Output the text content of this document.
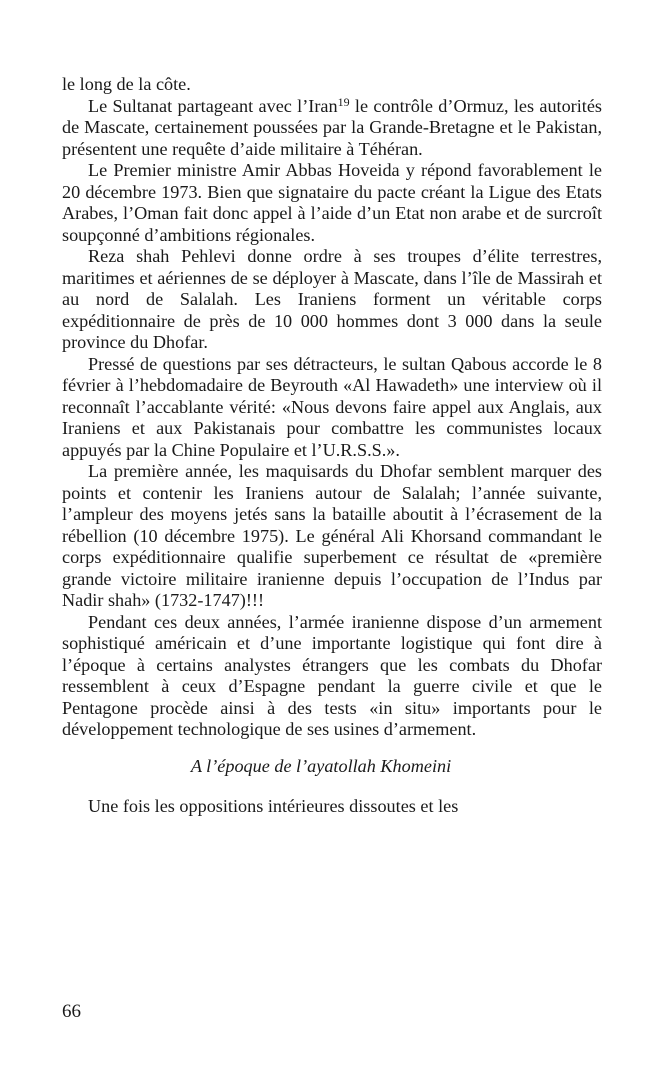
le long de la côte.

Le Sultanat partageant avec l’Iran$^{19}$ le contrôle d’Ormuz, les autorités de Mascate, certainement poussées par la Grande-Bretagne et le Pakistan, présentent une requête d’aide militaire à Téhéran.

Le Premier ministre Amir Abbas Hoveida y répond favorablement le 20 décembre 1973. Bien que signataire du pacte créant la Ligue des Etats Arabes, l’Oman fait donc appel à l’aide d’un Etat non arabe et de surcroît soupçonné d’ambitions régionales.

Reza shah Pehlevi donne ordre à ses troupes d’élite terrestres, maritimes et aériennes de se déployer à Mascate, dans l’île de Massirah et au nord de Salalah. Les Iraniens forment un véritable corps expéditionnaire de près de 10 000 hommes dont 3 000 dans la seule province du Dhofar.

Pressé de questions par ses détracteurs, le sultan Qabous accorde le 8 février à l’hebdomadaire de Beyrouth «Al Hawadeth» une interview où il reconnaît l’accablante vérité: «Nous devons faire appel aux Anglais, aux Iraniens et aux Pakistanais pour combattre les communistes locaux appuyés par la Chine Populaire et l’U.R.S.S.».

La première année, les maquisards du Dhofar semblent marquer des points et contenir les Iraniens autour de Salalah; l’année suivante, l’ampleur des moyens jetés sans la bataille aboutit à l’écrasement de la rébellion (10 décembre 1975). Le général Ali Khorsand commandant le corps expéditionnaire qualifie superbement ce résultat de «première grande victoire militaire iranienne depuis l’occupation de l’Indus par Nadir shah» (1732-1747)!!!

Pendant ces deux années, l’armée iranienne dispose d’un armement sophistiqué américain et d’une importante logistique qui font dire à l’époque à certains analystes étrangers que les combats du Dhofar ressemblent à ceux d’Espagne pendant la guerre civile et que le Pentagone procède ainsi à des tests «in situ» importants pour le développement technologique de ses usines d’armement.

A l’époque de l’ayatollah Khomeini

Une fois les oppositions intérieures dissoutes et les

66
